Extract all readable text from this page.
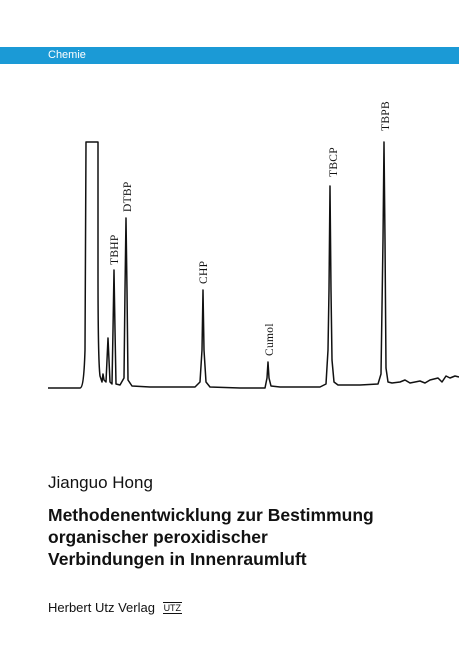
Chemie
TBHP
DTBP
CHP
Cumol
TBCP
TBPB
Jianguo Hong
Methodenentwicklung zur Bestimmung
organischer peroxidischer
Verbindungen in Innenraumluft
Herbert Utz Verlag UTZ
